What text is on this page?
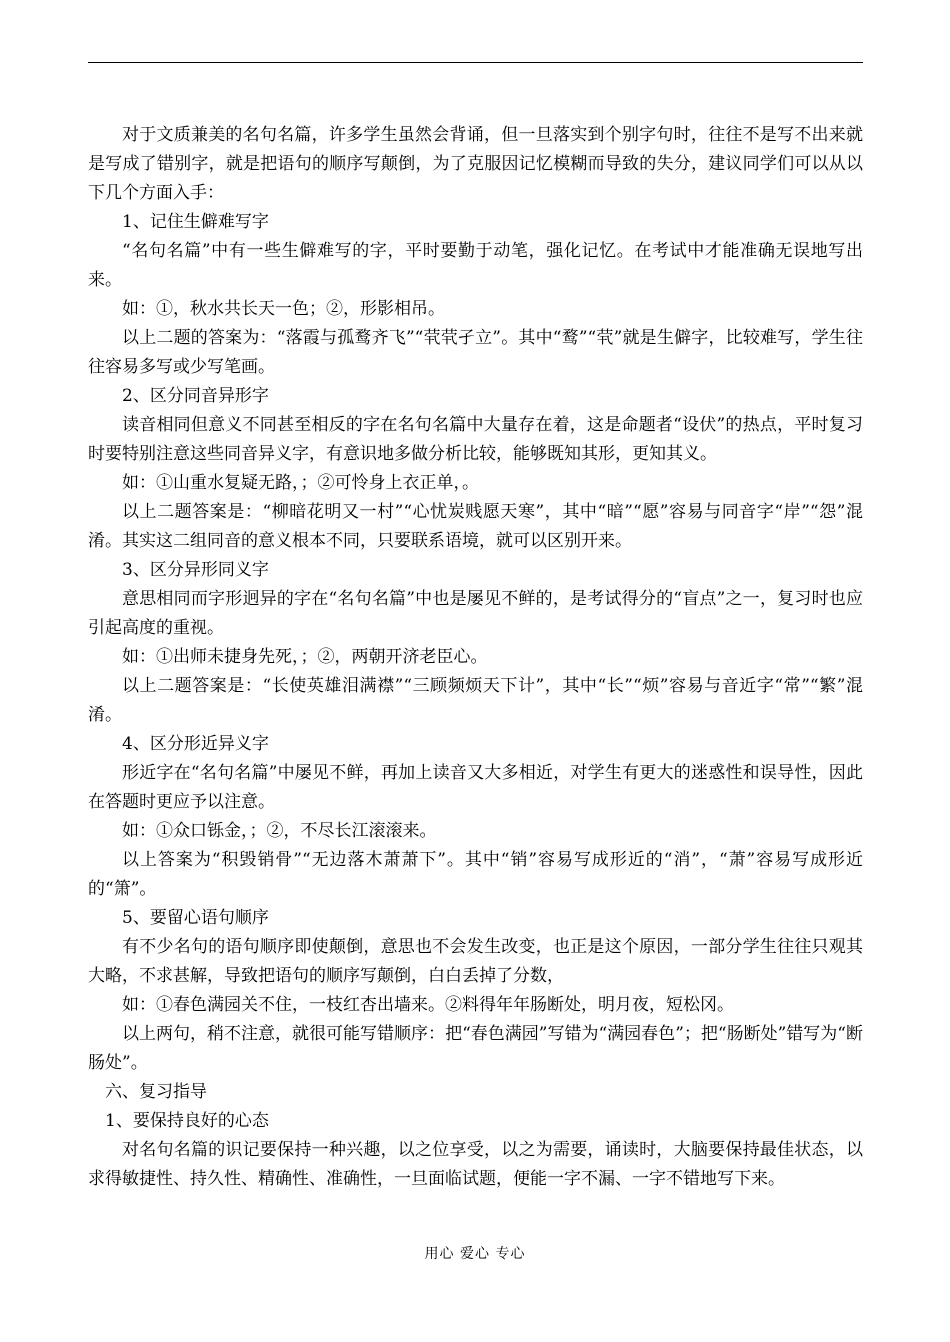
对于文质兼美的名句名篇，许多学生虽然会背诵，但一旦落实到个别字句时，往往不是写不出来就是写成了错别字，就是把语句的顺序写颠倒，为了克服因记忆模糊而导致的失分，建议同学们可以从以下几个方面入手：

1、记住生僻难写字

“名句名篇”中有一些生僻难写的字，平时要勤于动笔，强化记忆。在考试中才能准确无误地写出来。

如：①，秋水共长天一色；②，形影相吊。

以上二题的答案为：“落霞与孤鹜齐飞”“茕茕孑立”。其中“鹜”“茕”就是生僻字，比较难写，学生往往容易多写或少写笔画。

2、区分同音异形字

读音相同但意义不同甚至相反的字在名句名篇中大量存在着，这是命题者“设伏”的热点，平时复习时要特别注意这些同音异义字，有意识地多做分析比较，能够既知其形，更知其义。

如：①山重水复疑无路，；②可怜身上衣正单，。

以上二题答案是：“柳暗花明又一村”“心忧炭贱愿天寒”，其中“暗”“愿”容易与同音字“岸”“怨”混淆。其实这二组同音的意义根本不同，只要联系语境，就可以区别开来。

3、区分异形同义字

意思相同而字形迥异的字在“名句名篇”中也是屡见不鲜的，是考试得分的“盲点”之一，复习时也应引起高度的重视。

如：①出师未捷身先死，；②，两朝开济老臣心。

以上二题答案是：“长使英雄泪满襟”“三顾频烦天下计”，其中“长”“烦”容易与音近字“常”“繁”混淆。

4、区分形近异义字

形近字在“名句名篇”中屡见不鲜，再加上读音又大多相近，对学生有更大的迷惑性和误导性，因此在答题时更应予以注意。

如：①众口铄金，；②，不尽长江滚滚来。

以上答案为“积毁销骨”“无边落木萧萧下”。其中“销”容易写成形近的“消”，“萧”容易写成形近的“箫”。

5、要留心语句顺序

有不少名句的语句顺序即使颠倒，意思也不会发生改变，也正是这个原因，一部分学生往往只观其大略，不求甚解，导致把语句的顺序写颠倒，白白丢掉了分数，

如：①春色满园关不住，一枝红杏出墙来。②料得年年肠断处，明月夜，短松冈。

以上两句，稍不注意，就很可能写错顺序：把“春色满园”写错为“满园春色”；把“肠断处”错写为“断肠处”。

六、复习指导

1、要保持良好的心态

对名句名篇的识记要保持一种兴趣，以之位享受，以之为需要，诵读时，大脑要保持最佳状态，以求得敏捷性、持久性、精确性、准确性，一旦面临试题，便能一字不漏、一字不错地写下来。

用心 爱心 专心
